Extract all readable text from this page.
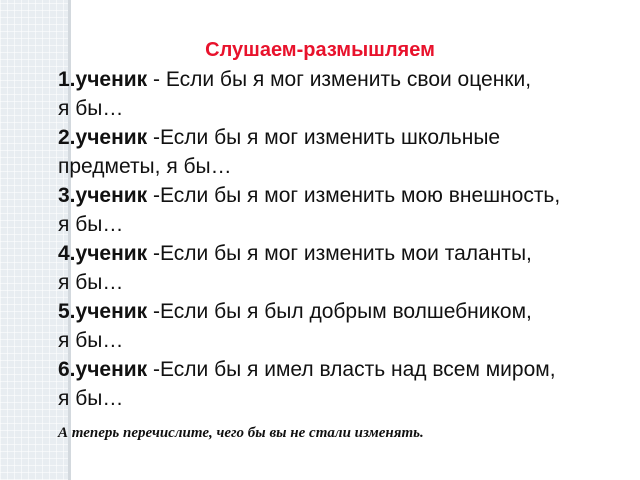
Слушаем-размышляем
1.ученик - Если бы я мог изменить свои оценки,
я бы…
2.ученик -Если бы я мог изменить школьные
предметы, я бы…
3.ученик -Если бы я мог изменить мою внешность,
я бы…
4.ученик -Если бы я мог изменить мои таланты,
я бы…
5.ученик -Если бы я был добрым волшебником,
я бы…
6.ученик -Если бы я имел власть над всем миром,
я бы…

А теперь перечислите, чего бы вы не стали изменять.
